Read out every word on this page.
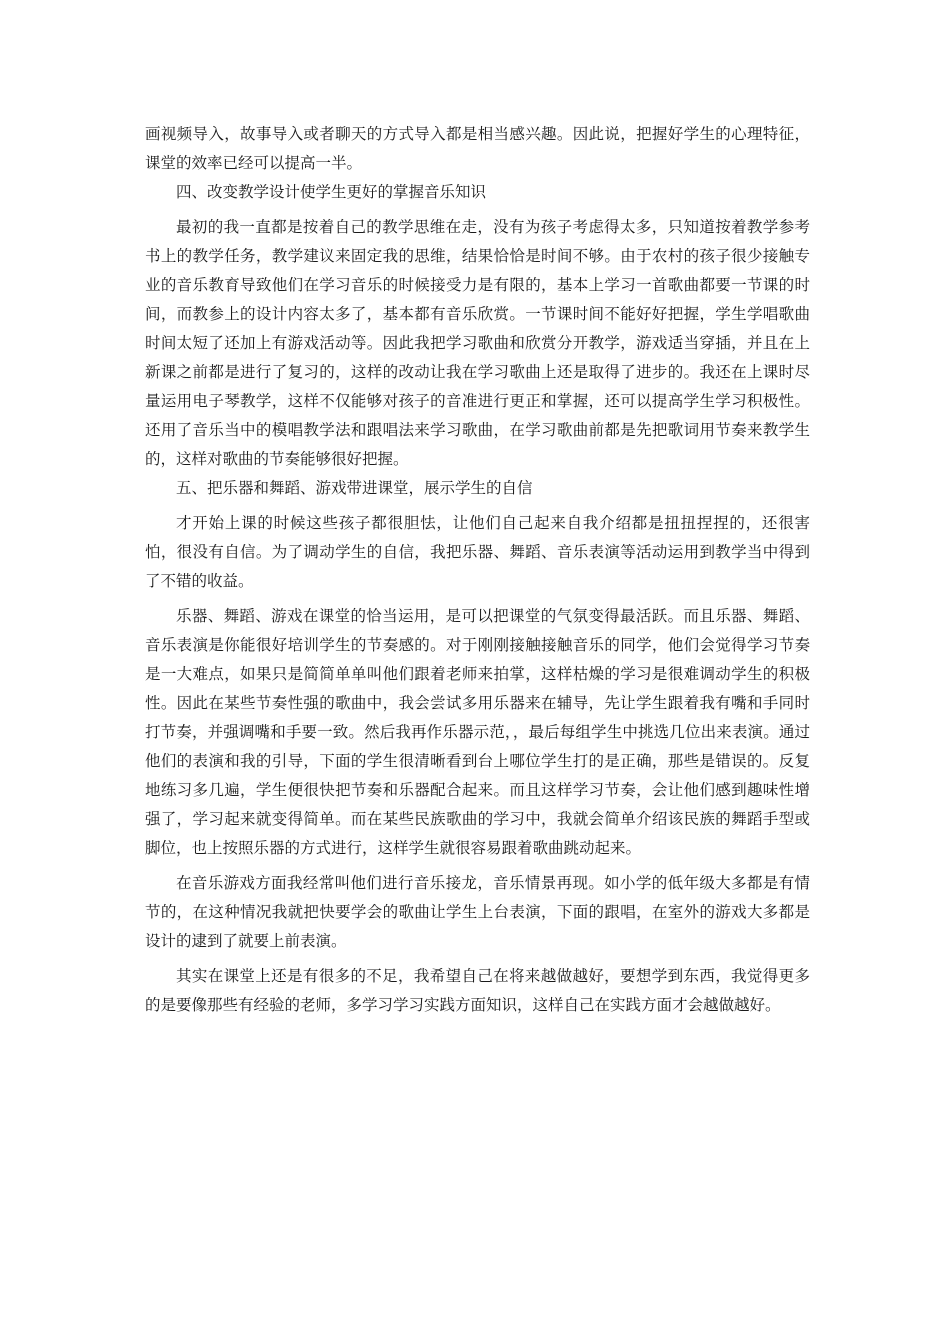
画视频导入，故事导入或者聊天的方式导入都是相当感兴趣。因此说，把握好学生的心理特征，课堂的效率已经可以提高一半。

四、改变教学设计使学生更好的掌握音乐知识

最初的我一直都是按着自己的教学思维在走，没有为孩子考虑得太多，只知道按着教学参考书上的教学任务，教学建议来固定我的思维，结果恰恰是时间不够。由于农村的孩子很少接触专业的音乐教育导致他们在学习音乐的时候接受力是有限的，基本上学习一首歌曲都要一节课的时间，而教参上的设计内容太多了，基本都有音乐欣赏。一节课时间不能好好把握，学生学唱歌曲时间太短了还加上有游戏活动等。因此我把学习歌曲和欣赏分开教学，游戏适当穿插，并且在上新课之前都是进行了复习的，这样的改动让我在学习歌曲上还是取得了进步的。我还在上课时尽量运用电子琴教学，这样不仅能够对孩子的音准进行更正和掌握，还可以提高学生学习积极性。还用了音乐当中的模唱教学法和跟唱法来学习歌曲，在学习歌曲前都是先把歌词用节奏来教学生的，这样对歌曲的节奏能够很好把握。

五、把乐器和舞蹈、游戏带进课堂，展示学生的自信

才开始上课的时候这些孩子都很胆怯，让他们自己起来自我介绍都是扭扭捏捏的，还很害怕，很没有自信。为了调动学生的自信，我把乐器、舞蹈、音乐表演等活动运用到教学当中得到了不错的收益。

乐器、舞蹈、游戏在课堂的恰当运用，是可以把课堂的气氛变得最活跃。而且乐器、舞蹈、音乐表演是你能很好培训学生的节奏感的。对于刚刚接触接触音乐的同学，他们会觉得学习节奏是一大难点，如果只是简简单单叫他们跟着老师来拍掌，这样枯燥的学习是很难调动学生的积极性。因此在某些节奏性强的歌曲中，我会尝试多用乐器来在辅导，先让学生跟着我有嘴和手同时打节奏，并强调嘴和手要一致。然后我再作乐器示范，，最后每组学生中挑选几位出来表演。通过他们的表演和我的引导，下面的学生很清晰看到台上哪位学生打的是正确，那些是错误的。反复地练习多几遍，学生便很快把节奏和乐器配合起来。而且这样学习节奏，会让他们感到趣味性增强了，学习起来就变得简单。而在某些民族歌曲的学习中，我就会简单介绍该民族的舞蹈手型或脚位，也上按照乐器的方式进行，这样学生就很容易跟着歌曲跳动起来。

在音乐游戏方面我经常叫他们进行音乐接龙，音乐情景再现。如小学的低年级大多都是有情节的，在这种情况我就把快要学会的歌曲让学生上台表演，下面的跟唱，在室外的游戏大多都是设计的逮到了就要上前表演。

其实在课堂上还是有很多的不足，我希望自己在将来越做越好，要想学到东西，我觉得更多的是要像那些有经验的老师，多学习学习实践方面知识，这样自己在实践方面才会越做越好。
